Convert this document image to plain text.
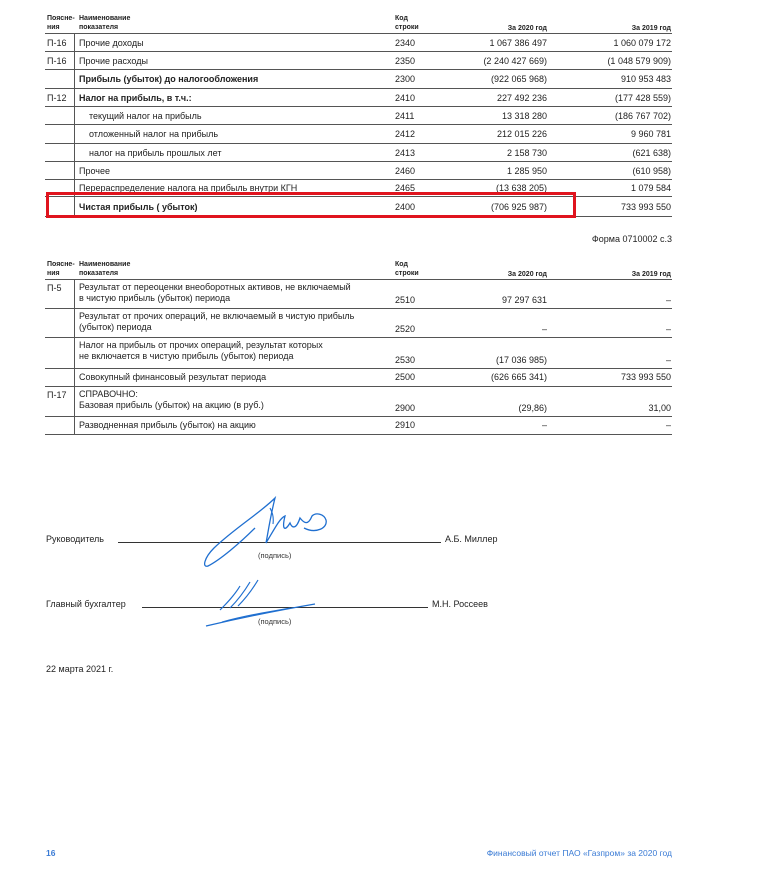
Поясне-
ния
Наименование
показателя
Код
строки	За 2020 год	За 2019 год
П-16 Прочие доходы	2340	1 067 386 497	1 060 079 172
П-16 Прочие расходы	2350	(2 240 427 669)	(1 048 579 909)
Прибыль (убыток) до налогообложения	2300	(922 065 968)	910 953 483
П-12 Налог на прибыль, в т.ч.:	2410	227 492 236	(177 428 559)
текущий налог на прибыль	2411	13 318 280	(186 767 702)
отложенный налог на прибыль	2412	212 015 226	9 960 781
налог на прибыль прошлых лет	2413	2 158 730	(621 638)
Прочее	2460	1 285 950	(610 958)
Перераспределение налога на прибыль внутри КГН	2465	(13 638 205)	1 079 584
Чистая прибыль ( убыток)	2400	(706 925 987)	733 993 550
Форма 0710002 с.3
Поясне-
ния
Наименование
показателя
Код
строки	За 2020 год	За 2019 год
П-5 Результат от переоценки внеоборотных активов, не включаемый
в чистую прибыль (убыток) периода	2510	97 297 631	–
Результат от прочих операций, не включаемый в чистую прибыль
(убыток) периода	2520	–	–
Налог на прибыль от прочих операций, результат которых
не включается в чистую прибыль (убыток) периода	2530	(17 036 985)	–
Совокупный финансовый результат периода	2500	(626 665 341)	733 993 550
П-17 СПРАВОЧНО:
Базовая прибыль (убыток) на акцию (в руб.)	2900	(29,86)	31,00
Разводненная прибыль (убыток) на акцию	2910	–	–
Руководитель	А.Б. Миллер
(подпись)
Главный бухгалтер	М.Н. Россеев
(подпись)
22 марта 2021 г.
16	Финансовый отчет ПАО «Газпром» за 2020 год
